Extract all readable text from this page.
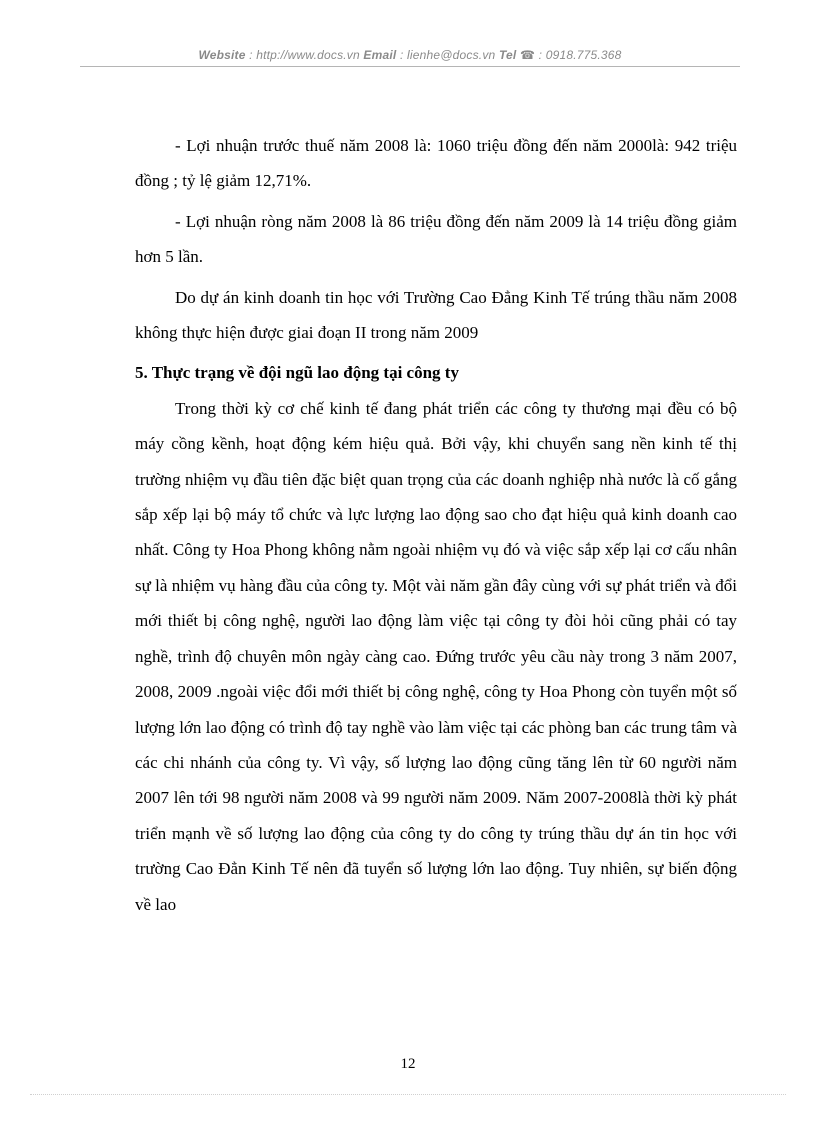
Website : http://www.docs.vn Email : lienhe@docs.vn Tel ☎ : 0918.775.368

- Lợi nhuận trước thuế năm 2008 là: 1060 triệu đồng đến năm 2000là: 942 triệu đồng ; tỷ lệ giảm 12,71%.

- Lợi nhuận ròng năm 2008 là 86 triệu đồng đến năm 2009 là 14 triệu đồng giảm hơn 5 lần.

Do dự án kinh doanh tin học với Trường Cao Đẳng Kinh Tế trúng thầu năm 2008 không thực hiện được giai đoạn II trong năm 2009

5. Thực trạng về đội ngũ lao động tại công ty

Trong thời kỳ cơ chế kinh tế đang phát triển các công ty thương mại đều có bộ máy cồng kềnh, hoạt động kém hiệu quả. Bởi vậy, khi chuyển sang nền kinh tế thị trường nhiệm vụ đầu tiên đặc biệt quan trọng của các doanh nghiệp nhà nước là cố gắng sắp xếp lại bộ máy tổ chức và lực lượng lao động sao cho đạt hiệu quả kinh doanh cao nhất. Công ty Hoa Phong không nằm ngoài nhiệm vụ đó và việc sắp xếp lại cơ cấu nhân sự là nhiệm vụ hàng đầu của công ty. Một vài năm gần đây cùng với sự phát triển và đổi mới thiết bị công nghệ, người lao động làm việc tại công ty đòi hỏi cũng phải có tay nghề, trình độ chuyên môn ngày càng cao. Đứng trước yêu cầu này trong 3 năm 2007, 2008, 2009 .ngoài việc đổi mới thiết bị công nghệ, công ty Hoa Phong còn tuyển một số lượng lớn lao động có trình độ tay nghề vào làm việc tại các phòng ban các trung tâm và các chi nhánh của công ty. Vì vậy, số lượng lao động cũng tăng lên từ 60 người năm 2007 lên tới 98 người năm 2008 và 99 người năm 2009. Năm 2007-2008là thời kỳ phát triển mạnh về số lượng lao động của công ty do công ty trúng thầu dự án tin học với trường Cao Đẳn Kinh Tế nên đã tuyển số lượng lớn lao động. Tuy nhiên, sự biến động về lao

12
